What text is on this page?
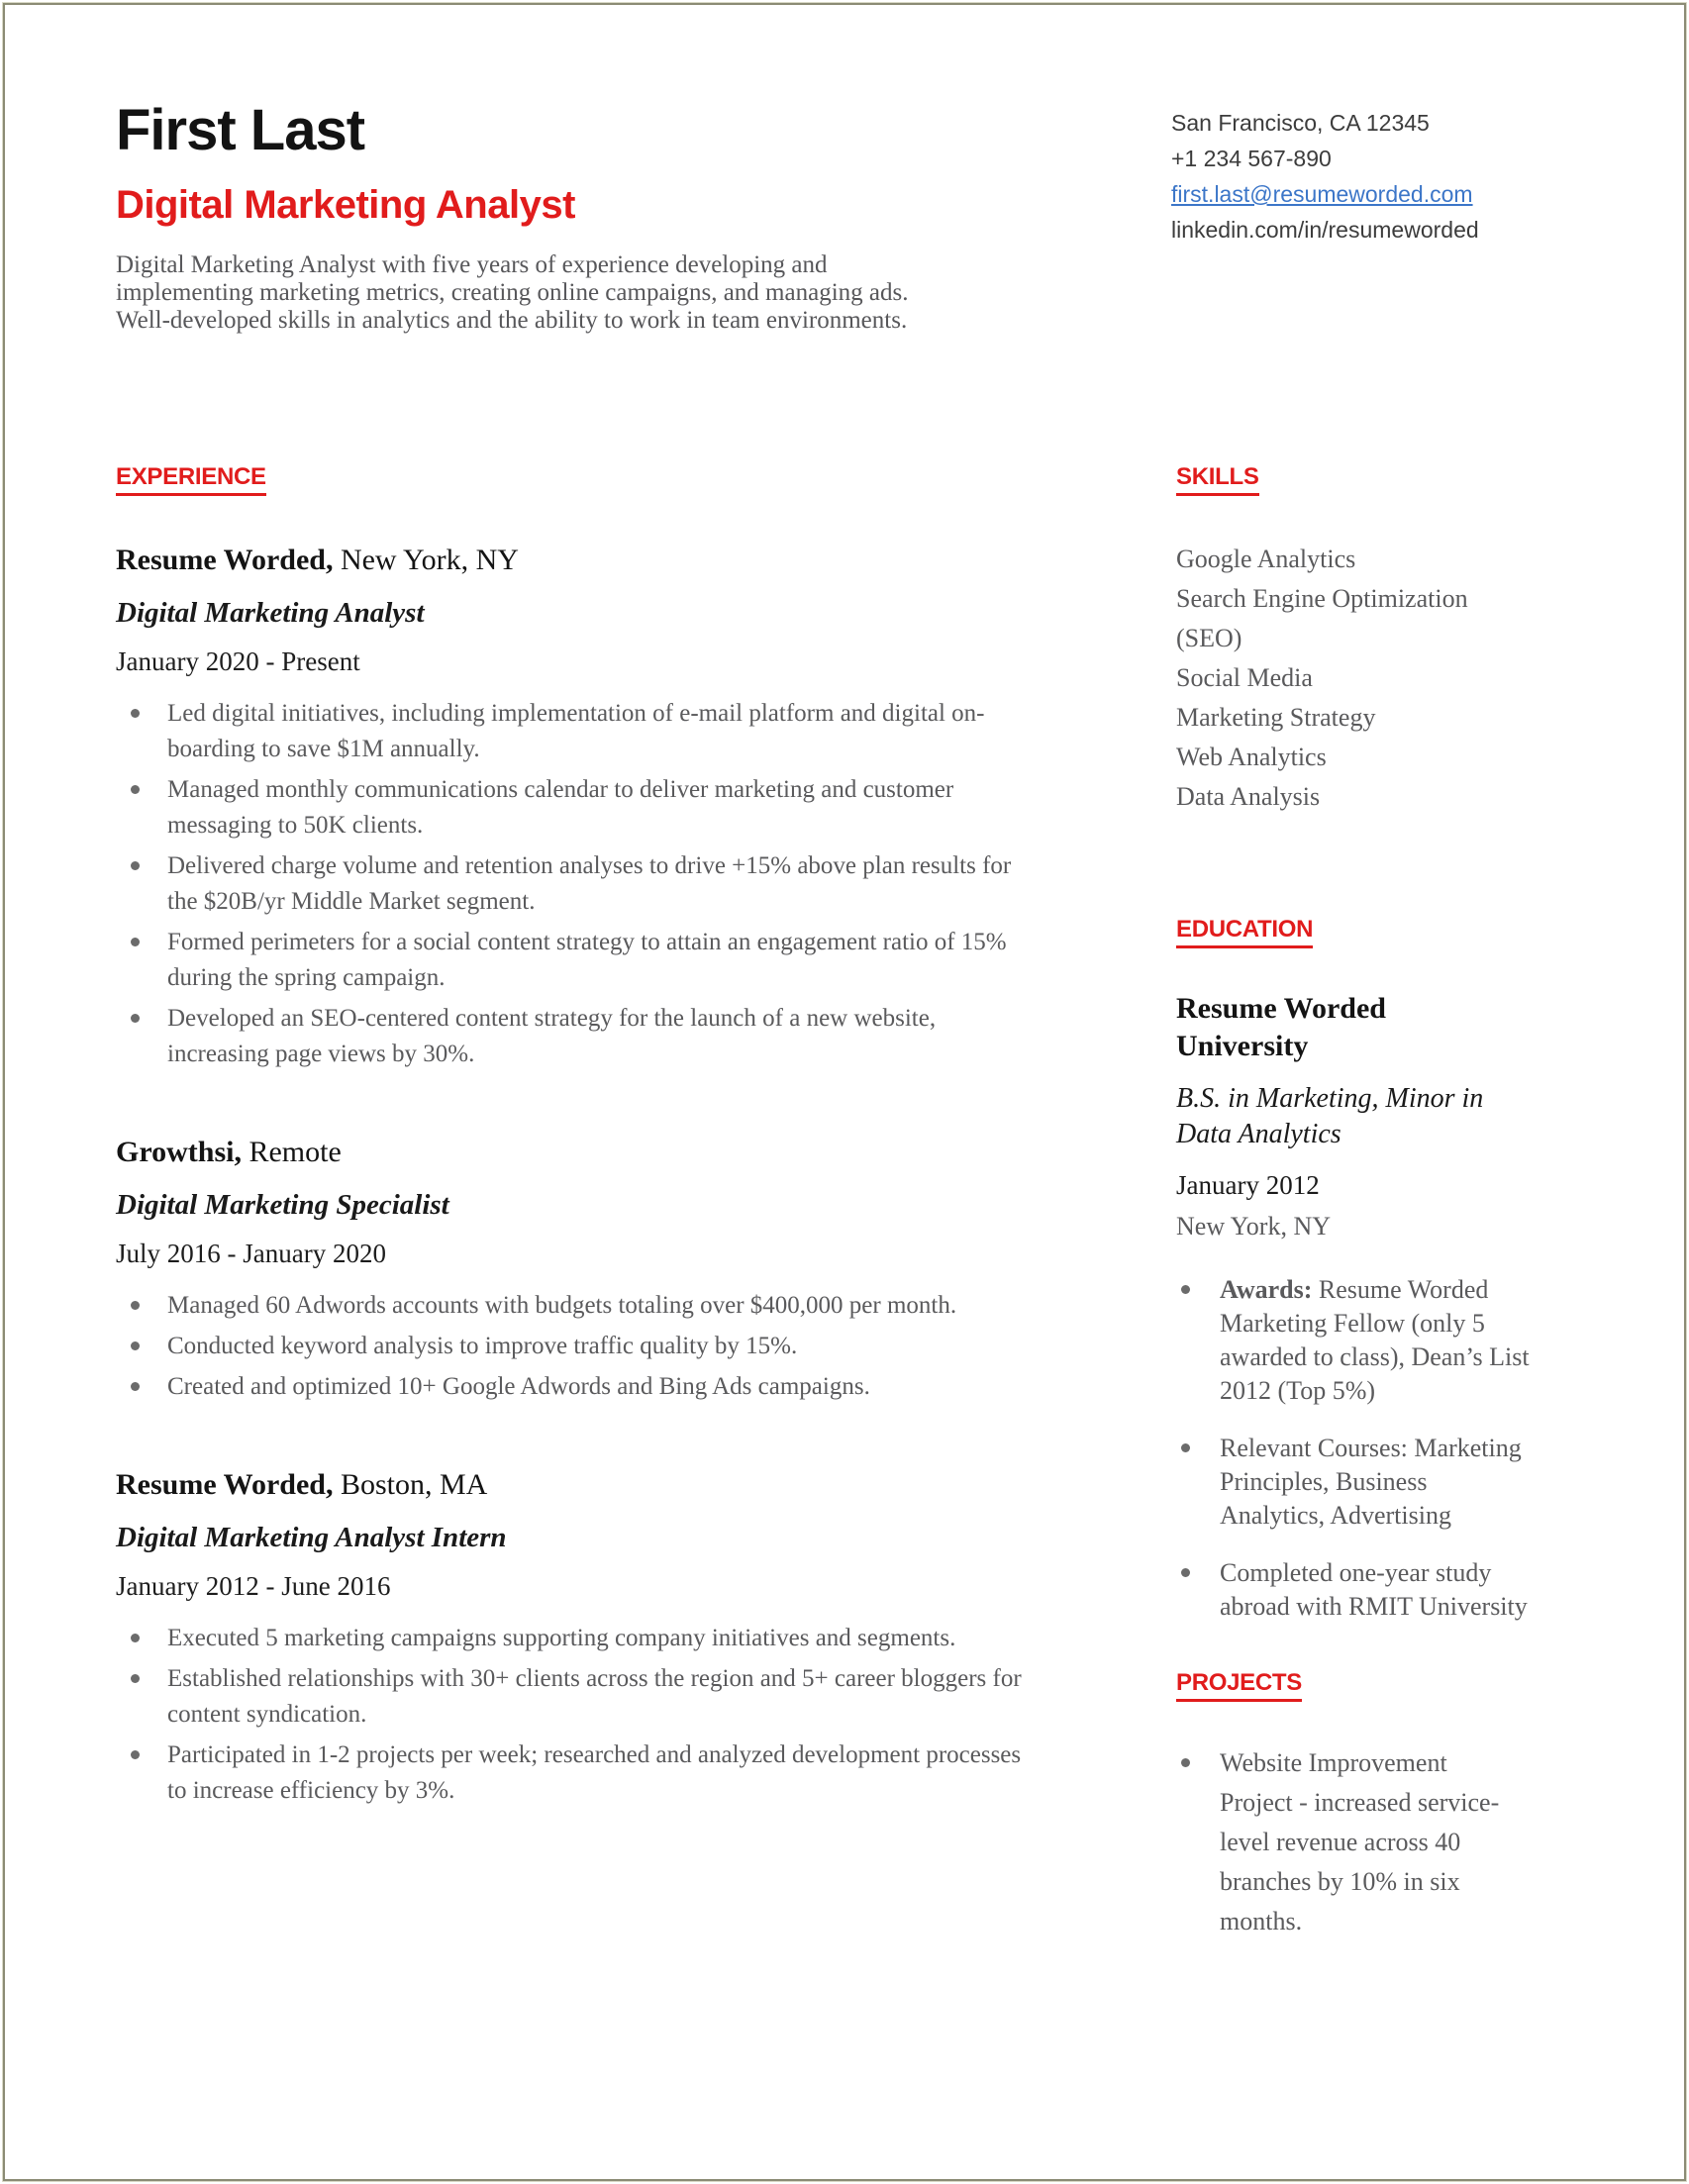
First Last
Digital Marketing Analyst
Digital Marketing Analyst with five years of experience developing and implementing marketing metrics, creating online campaigns, and managing ads. Well-developed skills in analytics and the ability to work in team environments.
San Francisco, CA 12345
+1 234 567-890
first.last@resumeworded.com
linkedin.com/in/resumeworded
EXPERIENCE
Resume Worded, New York, NY
Digital Marketing Analyst
January 2020 - Present
Led digital initiatives, including implementation of e-mail platform and digital on-boarding to save $1M annually.
Managed monthly communications calendar to deliver marketing and customer messaging to 50K clients.
Delivered charge volume and retention analyses to drive +15% above plan results for the $20B/yr Middle Market segment.
Formed perimeters for a social content strategy to attain an engagement ratio of 15% during the spring campaign.
Developed an SEO-centered content strategy for the launch of a new website, increasing page views by 30%.
Growthsi, Remote
Digital Marketing Specialist
July 2016 - January 2020
Managed 60 Adwords accounts with budgets totaling over $400,000 per month.
Conducted keyword analysis to improve traffic quality by 15%.
Created and optimized 10+ Google Adwords and Bing Ads campaigns.
Resume Worded, Boston, MA
Digital Marketing Analyst Intern
January 2012 - June 2016
Executed 5 marketing campaigns supporting company initiatives and segments.
Established relationships with 30+ clients across the region and 5+ career bloggers for content syndication.
Participated in 1-2 projects per week; researched and analyzed development processes to increase efficiency by 3%.
SKILLS
Google Analytics
Search Engine Optimization (SEO)
Social Media
Marketing Strategy
Web Analytics
Data Analysis
EDUCATION
Resume Worded University
B.S. in Marketing, Minor in Data Analytics
January 2012
New York, NY
Awards: Resume Worded Marketing Fellow (only 5 awarded to class), Dean’s List 2012 (Top 5%)
Relevant Courses: Marketing Principles, Business Analytics, Advertising
Completed one-year study abroad with RMIT University
PROJECTS
Website Improvement Project - increased service-level revenue across 40 branches by 10% in six months.
